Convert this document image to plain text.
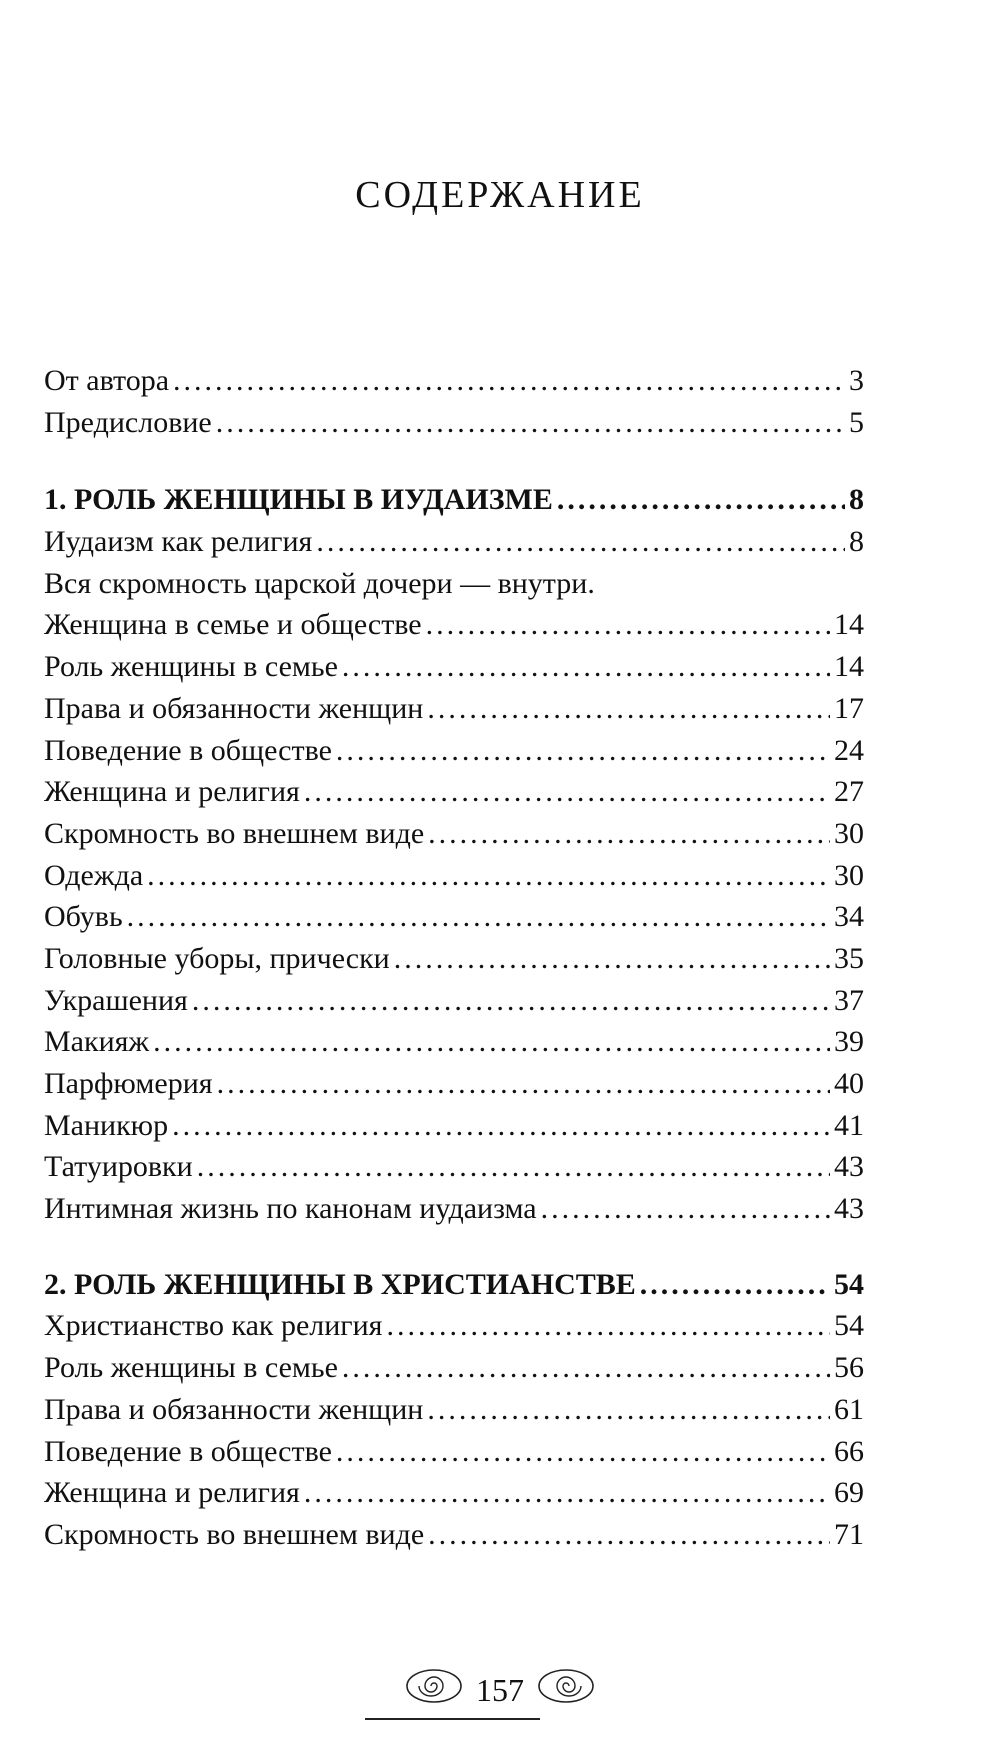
СОДЕРЖАНИЕ
От автора .....	3
Предисловие .....	5
1. РОЛЬ ЖЕНЩИНЫ В ИУДАИЗМЕ .....	8
Иудаизм как религия .....	8
Вся скромность царской дочери — внутри.
Женщина в семье и обществе .....	14
Роль женщины в семье .....	14
Права и обязанности женщин .....	17
Поведение в обществе .....	24
Женщина и религия .....	27
Скромность во внешнем виде .....	30
Одежда .....	30
Обувь .....	34
Головные уборы, прически .....	35
Украшения .....	37
Макияж .....	39
Парфюмерия .....	40
Маникюр .....	41
Татуировки .....	43
Интимная жизнь по канонам иудаизма .....	43
2. РОЛЬ ЖЕНЩИНЫ В ХРИСТИАНСТВЕ .....	54
Христианство как религия .....	54
Роль женщины в семье .....	56
Права и обязанности женщин .....	61
Поведение в обществе .....	66
Женщина и религия .....	69
Скромность во внешнем виде .....	71
157
